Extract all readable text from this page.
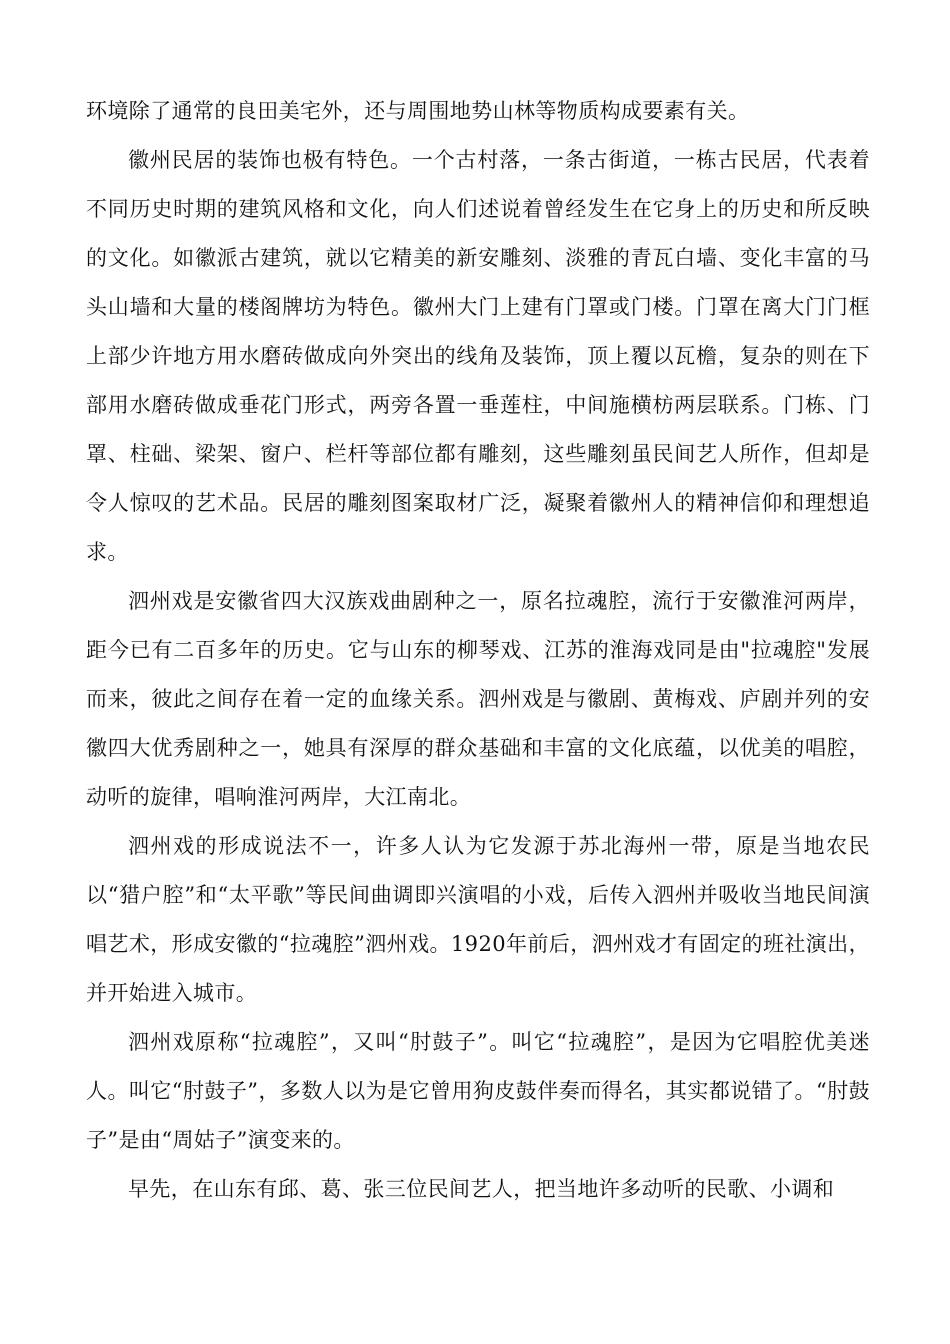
环境除了通常的良田美宅外，还与周围地势山林等物质构成要素有关。

徽州民居的装饰也极有特色。一个古村落，一条古街道，一栋古民居，代表着不同历史时期的建筑风格和文化，向人们述说着曾经发生在它身上的历史和所反映的文化。如徽派古建筑，就以它精美的新安雕刻、淡雅的青瓦白墙、变化丰富的马头山墙和大量的楼阁牌坊为特色。徽州大门上建有门罩或门楼。门罩在离大门门框上部少许地方用水磨砖做成向外突出的线角及装饰，顶上覆以瓦檐，复杂的则在下部用水磨砖做成垂花门形式，两旁各置一垂莲柱，中间施横枋两层联系。门栋、门罩、柱础、梁架、窗户、栏杆等部位都有雕刻，这些雕刻虽民间艺人所作，但却是令人惊叹的艺术品。民居的雕刻图案取材广泛，凝聚着徽州人的精神信仰和理想追求。

泗州戏是安徽省四大汉族戏曲剧种之一，原名拉魂腔，流行于安徽淮河两岸，距今已有二百多年的历史。它与山东的柳琴戏、江苏的淮海戏同是由"拉魂腔"发展而来，彼此之间存在着一定的血缘关系。泗州戏是与徽剧、黄梅戏、庐剧并列的安徽四大优秀剧种之一，她具有深厚的群众基础和丰富的文化底蕴，以优美的唱腔，动听的旋律，唱响淮河两岸，大江南北。

泗州戏的形成说法不一，许多人认为它发源于苏北海州一带，原是当地农民以“猎户腔”和“太平歌”等民间曲调即兴演唱的小戏，后传入泗州并吸收当地民间演唱艺术，形成安徽的“拉魂腔”泗州戏。1920年前后，泗州戏才有固定的班社演出，并开始进入城市。

泗州戏原称“拉魂腔”，又叫“肘鼓子”。叫它“拉魂腔”，是因为它唱腔优美迷人。叫它“肘鼓子”，多数人以为是它曾用狗皮鼓伴奏而得名，其实都说错了。“肘鼓子”是由“周姑子”演变来的。

早先，在山东有邱、葛、张三位民间艺人，把当地许多动听的民歌、小调和
